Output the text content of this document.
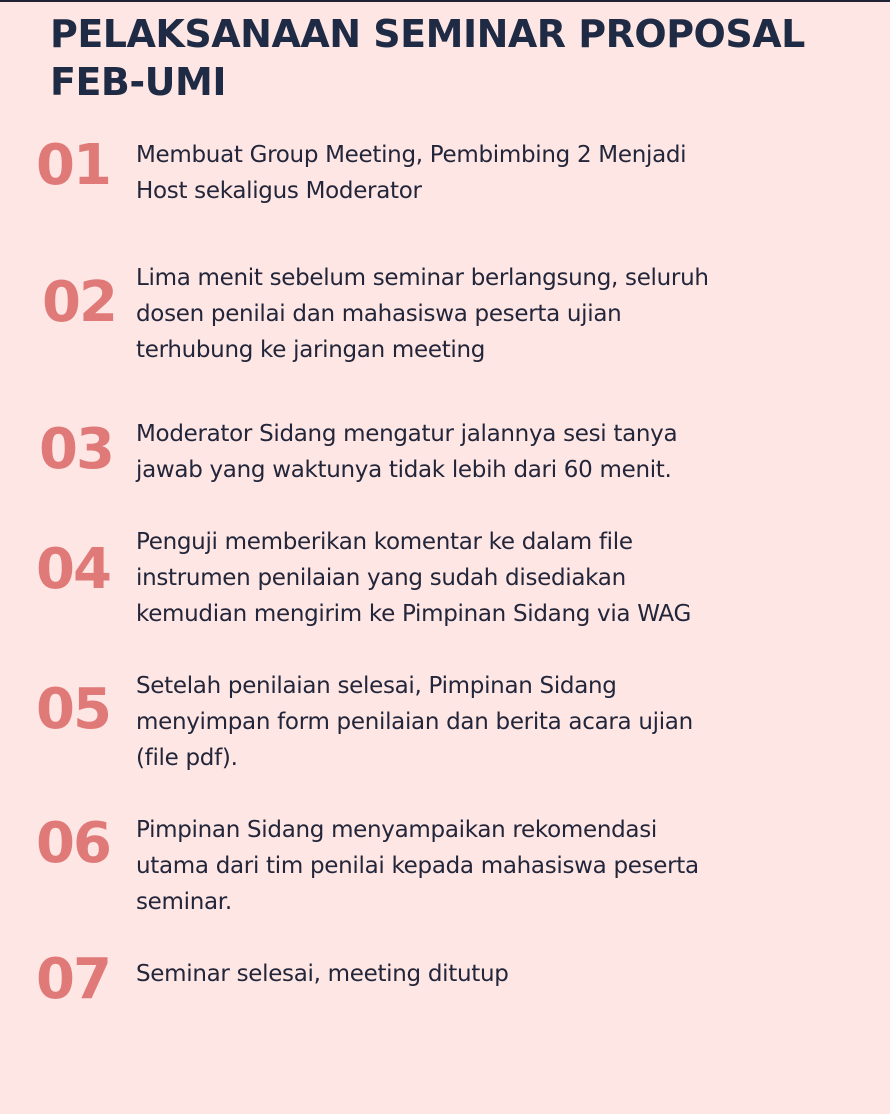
PELAKSANAAN SEMINAR PROPOSAL
FEB-UMI
01	Membuat Group Meeting, Pembimbing 2 Menjadi
Host sekaligus Moderator
02 Lima menit sebelum seminar berlangsung, seluruh
dosen penilai dan mahasiswa peserta ujian
terhubung ke jaringan meeting
03	Moderator Sidang mengatur jalannya sesi tanya
jawab yang waktunya tidak lebih dari 60 menit.
04	Penguji memberikan komentar ke dalam file
instrumen penilaian yang sudah disediakan
kemudian mengirim ke Pimpinan Sidang via WAG
05	Setelah penilaian selesai, Pimpinan Sidang
menyimpan form penilaian dan berita acara ujian
(file pdf).
06	Pimpinan Sidang menyampaikan rekomendasi
utama dari tim penilai kepada mahasiswa peserta
seminar.
07	Seminar selesai, meeting ditutup
